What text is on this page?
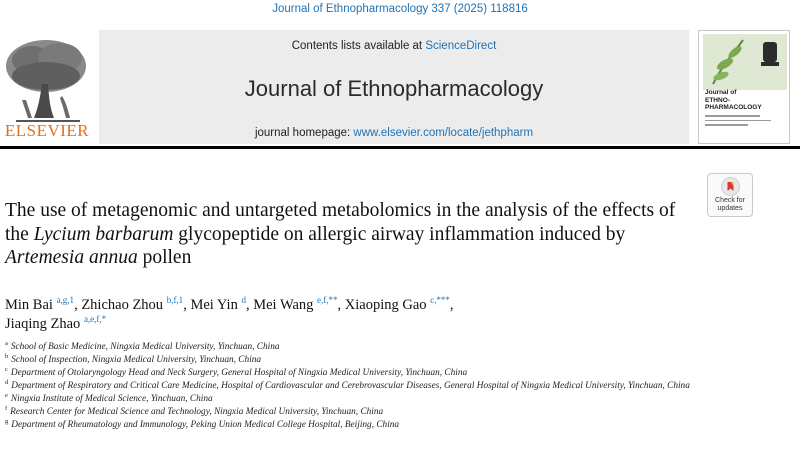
Journal of Ethnopharmacology 337 (2025) 118816
ELSEVIER
Contents lists available at ScienceDirect
Journal of Ethnopharmacology
journal homepage: www.elsevier.com/locate/jethpharm
Journal of
ETHNO-
PHARMACOLOGY
Check for
updates
The use of metagenomic and untargeted metabolomics in the analysis of the effects of the Lycium barbarum glycopeptide on allergic airway inflammation induced by Artemesia annua pollen
Min Bai $^{a,g,1}$, Zhichao Zhou $^{b,f,1}$, Mei Yin $^d$, Mei Wang $^{e,f,**}$, Xiaoping Gao $^{c,***}$,
Jiaqing Zhao $^{a,e,f,*}$
$^a$ School of Basic Medicine, Ningxia Medical University, Yinchuan, China
$^b$ School of Inspection, Ningxia Medical University, Yinchuan, China
$^c$ Department of Otolaryngology Head and Neck Surgery, General Hospital of Ningxia Medical University, Yinchuan, China
$^d$ Department of Respiratory and Critical Care Medicine, Hospital of Cardiovascular and Cerebrovascular Diseases, General Hospital of Ningxia Medical University, Yinchuan, China
$^e$ Ningxia Institute of Medical Science, Yinchuan, China
$^f$ Research Center for Medical Science and Technology, Ningxia Medical University, Yinchuan, China
$^g$ Department of Rheumatology and Immunology, Peking Union Medical College Hospital, Beijing, China
